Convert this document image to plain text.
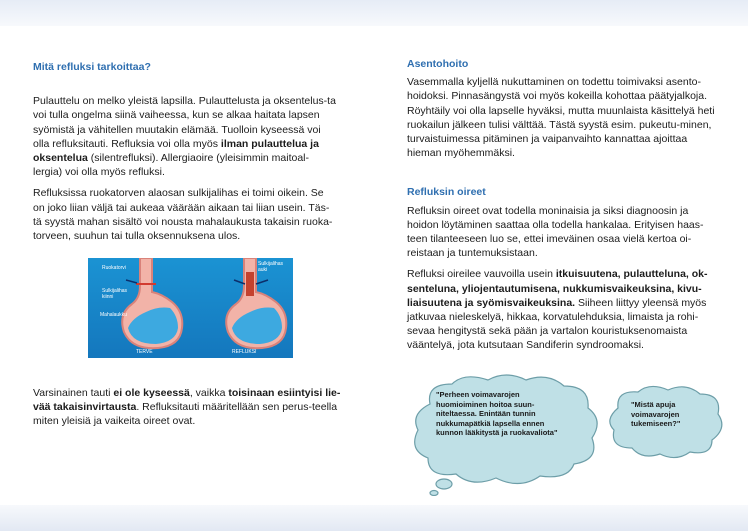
Mitä refluksi tarkoittaa?

Pulauttelu on melko yleistä lapsilla. Pulauttelusta ja oksentelus-ta voi tulla ongelma siinä vaiheessa, kun se alkaa haitata lapsen syömistä ja vähitellen muutakin elämää. Tuolloin kyseessä voi olla refluksitauti. Refluksia voi olla myös ilman pulauttelua ja oksentelua (silentrefluksi). Allergiaoire (yleisimmin maitoal-lergia) voi olla myös refluksi.

Refluksissa ruokatorven alaosan sulkijalihas ei toimi oikein. Se on joko liian väljä tai aukeaa väärään aikaan tai liian usein. Täs-tä syystä mahan sisältö voi nousta mahalaukusta takaisin ruoka-torveen, suuhun tai tulla oksennuksena ulos.

Ruokatorvi
Sulkijalihas kiinni
Sulkijalihas auki
Mahalaukku
TERVE	REFLUKSI

Varsinainen tauti ei ole kyseessä, vaikka toisinaan esiintyisi lie-vää takaisinvirtausta. Refluksitauti määritellään sen perus-teella miten yleisiä ja vaikeita oireet ovat.

Asentohoito

Vasemmalla kyljellä nukuttaminen on todettu toimivaksi asento-hoidoksi. Pinnasängystä voi myös kokeilla kohottaa päätyjalkoja. Röyhtäily voi olla lapselle hyväksi, mutta muunlaista käsittelyä heti ruokailun jälkeen tulisi välttää. Tästä syystä esim. pukeutu-minen, turvaistuimessa pitäminen ja vaipanvaihto kannattaa ajoittaa hieman myöhemmäksi.

Refluksin oireet

Refluksin oireet ovat todella moninaisia ja siksi diagnoosin ja hoidon löytäminen saattaa olla todella hankalaa. Erityisen haas-teen tilanteeseen luo se, ettei imeväinen osaa vielä kertoa oi-reistaan ja tuntemuksistaan.

Refluksi oireilee vauvoilla usein itkuisuutena, pulautteluna, ok-senteluna, yliojentautumisena, nukkumisvaikeuksina, kivu-liaisuutena ja syömisvaikeuksina. Siiheen liittyy yleensä myös jatkuvaa nieleskelyä, hikkaa, korvatulehduksia, limaista ja rohi-sevaa hengitystä sekä pään ja vartalon kouristuksenomaista vääntelyä, jota kutsutaan Sandiferin syndroomaksi.

"Perheen voimavarojen huomioiminen hoitoa suun-niteltaessa. Enintään tunnin nukkumapätkiä lapsella ennen kunnon lääkitystä ja ruokavaliota"
"Mistä apuja voimavarojen tukemiseen?"
